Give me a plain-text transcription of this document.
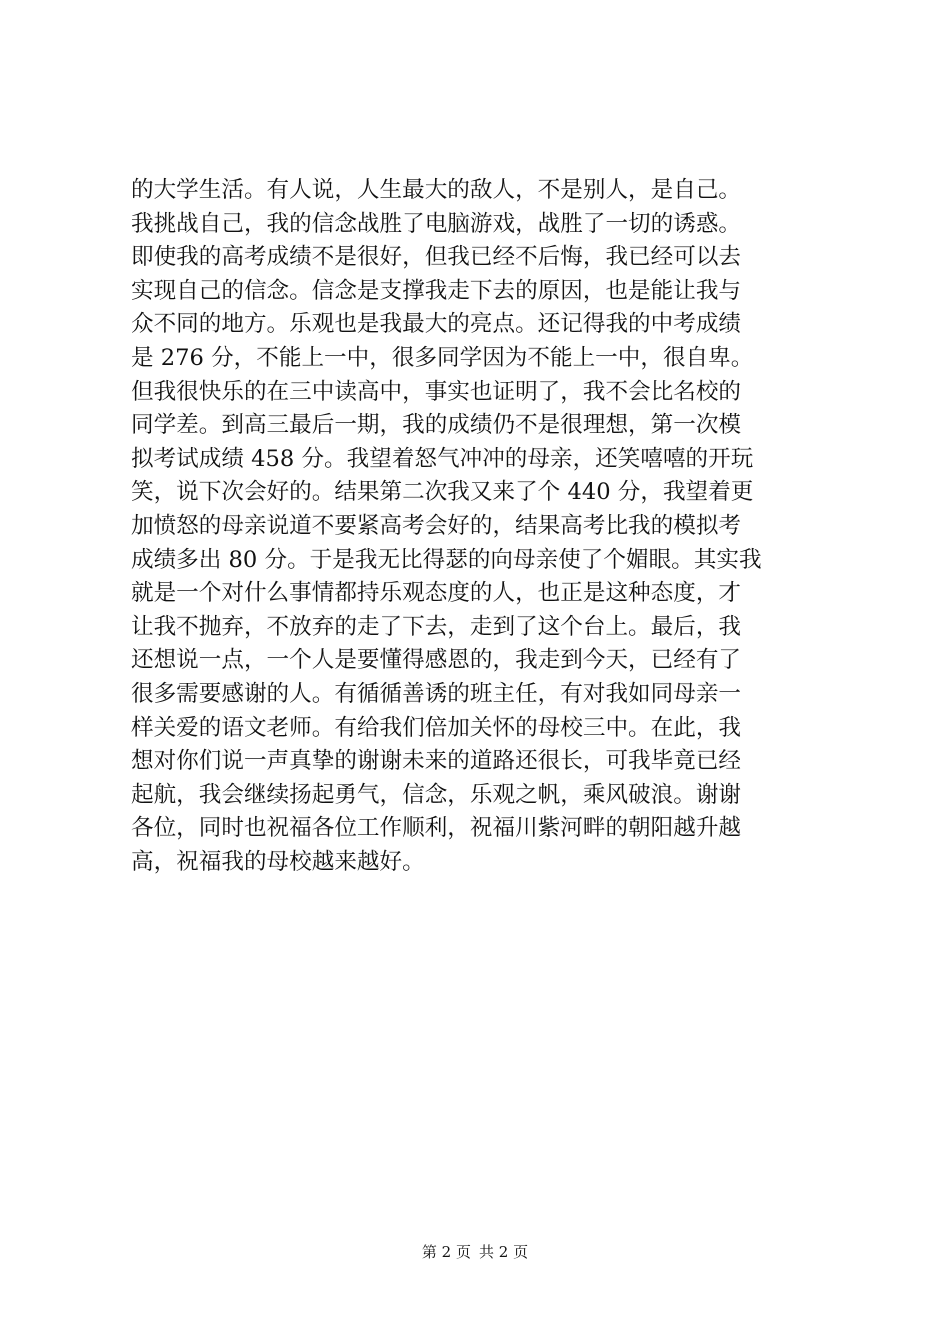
的大学生活。有人说，人生最大的敌人，不是别人，是自己。
我挑战自己，我的信念战胜了电脑游戏，战胜了一切的诱惑。
即使我的高考成绩不是很好，但我已经不后悔，我已经可以去
实现自己的信念。信念是支撑我走下去的原因，也是能让我与
众不同的地方。乐观也是我最大的亮点。还记得我的中考成绩
是 276 分，不能上一中，很多同学因为不能上一中，很自卑。
但我很快乐的在三中读高中，事实也证明了，我不会比名校的
同学差。到高三最后一期，我的成绩仍不是很理想，第一次模
拟考试成绩 458 分。我望着怒气冲冲的母亲，还笑嘻嘻的开玩
笑，说下次会好的。结果第二次我又来了个 440 分，我望着更
加愤怒的母亲说道不要紧高考会好的，结果高考比我的模拟考
成绩多出 80 分。于是我无比得瑟的向母亲使了个媚眼。其实我
就是一个对什么事情都持乐观态度的人，也正是这种态度，才
让我不抛弃，不放弃的走了下去，走到了这个台上。最后，我
还想说一点，一个人是要懂得感恩的，我走到今天，已经有了
很多需要感谢的人。有循循善诱的班主任，有对我如同母亲一
样关爱的语文老师。有给我们倍加关怀的母校三中。在此，我
想对你们说一声真挚的谢谢未来的道路还很长，可我毕竟已经
起航，我会继续扬起勇气，信念，乐观之帆，乘风破浪。谢谢
各位，同时也祝福各位工作顺利，祝福川紫河畔的朝阳越升越
高，祝福我的母校越来越好。
第 2 页 共 2 页
